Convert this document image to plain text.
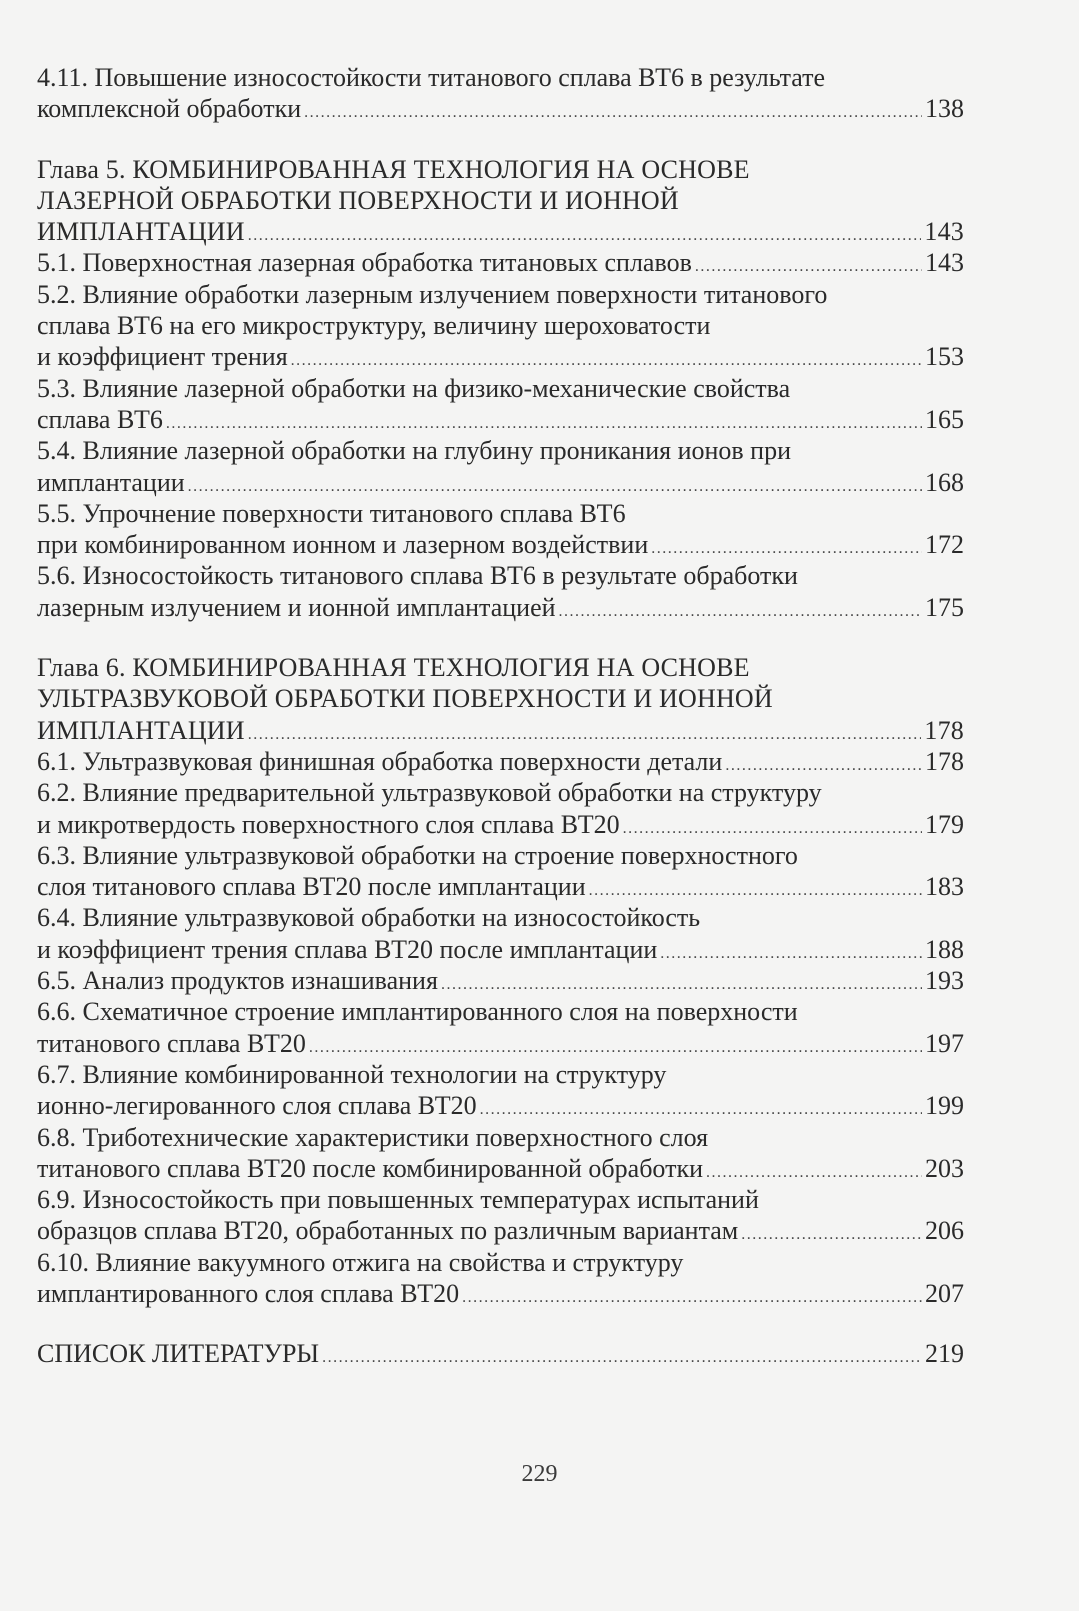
4.11. Повышение износостойкости титанового сплава ВТ6 в результате
комплексной обработки .....	138
Глава 5. КОМБИНИРОВАННАЯ ТЕХНОЛОГИЯ НА ОСНОВЕ
ЛАЗЕРНОЙ ОБРАБОТКИ ПОВЕРХНОСТИ И ИОННОЙ
ИМПЛАНТАЦИИ .....	143
5.1. Поверхностная лазерная обработка титановых сплавов .....	143
5.2. Влияние обработки лазерным излучением поверхности титанового
сплава ВТ6 на его микроструктуру, величину шероховатости
и коэффициент трения .....	153
5.3. Влияние лазерной обработки на физико-механические свойства
сплава ВТ6 .....	165
5.4. Влияние лазерной обработки на глубину проникания ионов при
имплантации .....	168
5.5. Упрочнение поверхности титанового сплава ВТ6
при комбинированном ионном и лазерном воздействии .....	172
5.6. Износостойкость титанового сплава ВТ6 в результате обработки
лазерным излучением и ионной имплантацией .....	175
Глава 6. КОМБИНИРОВАННАЯ ТЕХНОЛОГИЯ НА ОСНОВЕ
УЛЬТРАЗВУКОВОЙ ОБРАБОТКИ ПОВЕРХНОСТИ И ИОННОЙ
ИМПЛАНТАЦИИ .....	178
6.1. Ультразвуковая финишная обработка поверхности детали .....	178
6.2. Влияние предварительной ультразвуковой обработки на структуру
и микротвердость поверхностного слоя сплава ВТ20 .....	179
6.3. Влияние ультразвуковой обработки на строение поверхностного
слоя титанового сплава ВТ20 после имплантации .....	183
6.4. Влияние ультразвуковой обработки на износостойкость
и коэффициент трения сплава ВТ20 после имплантации .....	188
6.5. Анализ продуктов изнашивания .....	193
6.6. Схематичное строение имплантированного слоя на поверхности
титанового сплава ВТ20 .....	197
6.7. Влияние комбинированной технологии на структуру
ионно-легированного слоя сплава ВТ20 .....	199
6.8. Триботехнические характеристики поверхностного слоя
титанового сплава ВТ20 после комбинированной обработки .....	203
6.9. Износостойкость при повышенных температурах испытаний
образцов сплава ВТ20, обработанных по различным вариантам .....	206
6.10. Влияние вакуумного отжига на свойства и структуру
имплантированного слоя сплава ВТ20 .....	207
СПИСОК ЛИТЕРАТУРЫ .....	219
229
